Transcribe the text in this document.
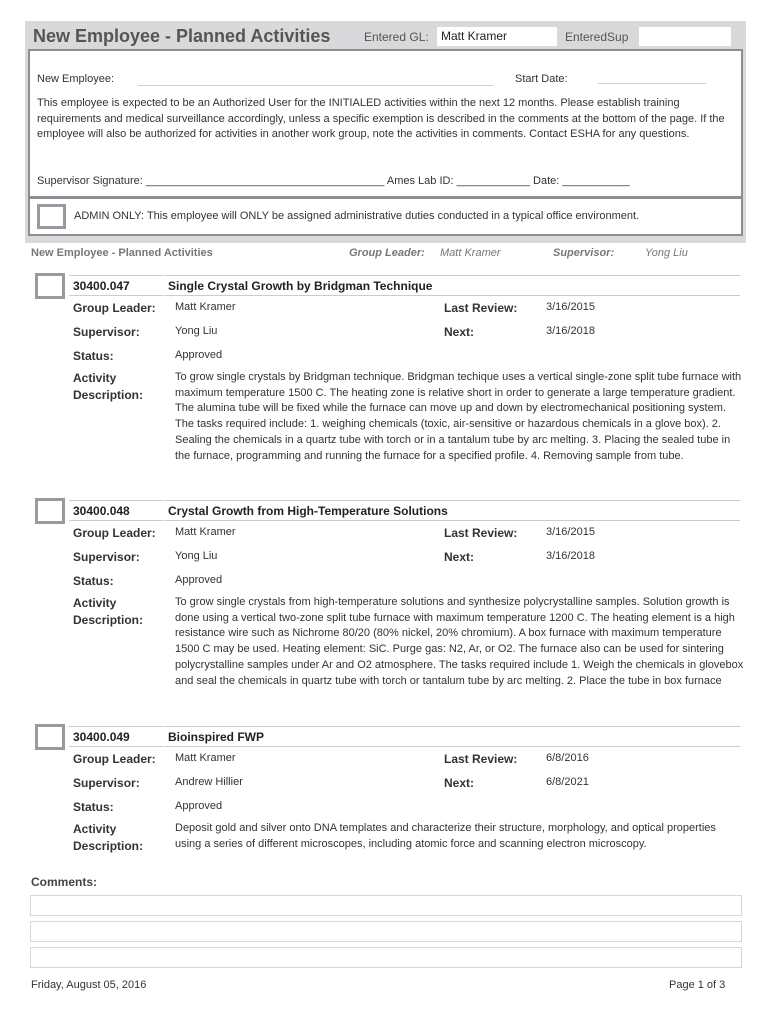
New Employee - Planned Activities	Entered GL:	Matt Kramer	EnteredSup
New Employee:	Start Date:
This employee is expected to be an Authorized User for the INITIALED activities within the next 12 months. Please establish training requirements and medical surveillance accordingly, unless a specific exemption is described in the comments at the bottom of the page. If the employee will also be authorized for activities in another work group, note the activities in comments. Contact ESHA for any questions.
Supervisor Signature: _______________________________________ Ames Lab ID: ____________ Date: ___________
ADMIN ONLY: This employee will ONLY be assigned administrative duties conducted in a typical office environment.
New Employee - Planned Activities	Group Leader: Matt Kramer	Supervisor:	Yong Liu
30400.047	Single Crystal Growth by Bridgman Technique
Group Leader: Matt Kramer	Last Review:	3/16/2015
Supervisor:	Yong Liu	Next:	3/16/2018
Status:	Approved
Activity Description:
To grow single crystals by Bridgman technique. Bridgman techique uses a vertical single-zone split tube furnace with maximum temperature 1500 C. The heating zone is relative short in order to generate a large temperature gradient. The alumina tube will be fixed while the furnace can move up and down by electromechanical positioning system. The tasks required include: 1. weighing chemicals (toxic, air-sensitive or hazardous chemicals in a glove box). 2. Sealing the chemicals in a quartz tube with torch or in a tantalum tube by arc melting. 3. Placing the sealed tube in the furnace, programming and running the furnace for a specified profile. 4. Removing sample from tube.
30400.048	Crystal Growth from High-Temperature Solutions
Group Leader: Matt Kramer	Last Review:	3/16/2015
Supervisor:	Yong Liu	Next:	3/16/2018
Status:	Approved
Activity Description:
To grow single crystals from high-temperature solutions and synthesize polycrystalline samples. Solution growth is done using a vertical two-zone split tube furnace with maximum temperature 1200 C. The heating element is a high resistance wire such as Nichrome 80/20 (80% nickel, 20% chromium). A box furnace with maximum temperature 1500 C may be used. Heating element: SiC. Purge gas: N2, Ar, or O2. The furnace also can be used for sintering polycrystalline samples under Ar and O2 atmosphere. The tasks required include 1. Weigh the chemicals in glovebox and seal the chemicals in quartz tube with torch or tantalum tube by arc melting. 2. Place the tube in box furnace
30400.049	Bioinspired FWP
Group Leader: Matt Kramer	Last Review:	6/8/2016
Supervisor:	Andrew Hillier	Next:	6/8/2021
Status:	Approved
Activity Description:
Deposit gold and silver onto DNA templates and characterize their structure, morphology, and optical properties using a series of different microscopes, including atomic force and scanning electron microscopy.
Comments:
Friday, August 05, 2016	Page 1 of 3
